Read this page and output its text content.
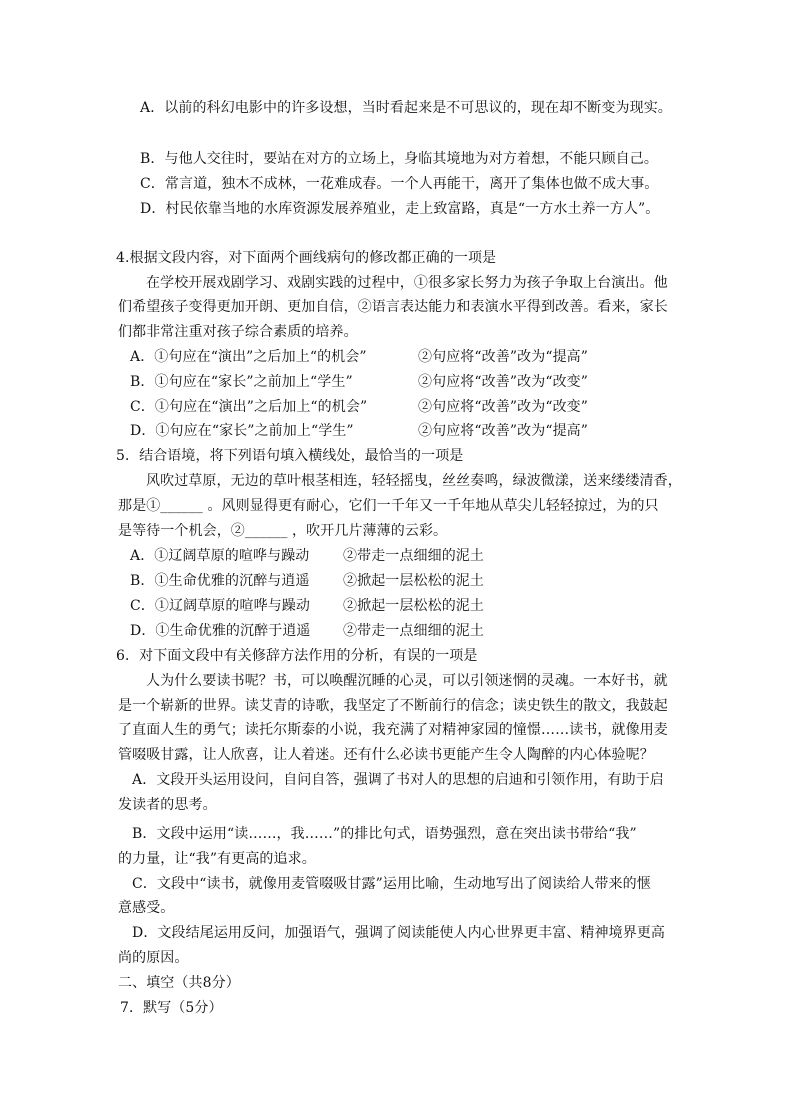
A．以前的科幻电影中的许多设想，当时看起来是不可思议的，现在却不断变为现实。
B．与他人交往时，要站在对方的立场上，身临其境地为对方着想，不能只顾自己。
C．常言道，独木不成林，一花难成春。一个人再能干，离开了集体也做不成大事。
D．村民依靠当地的水库资源发展养殖业，走上致富路，真是“一方水土养一方人”。
4.根据文段内容，对下面两个画线病句的修改都正确的一项是
在学校开展戏剧学习、戏剧实践的过程中，①很多家长努力为孩子争取上台演出。他
们希望孩子变得更加开朗、更加自信，②语言表达能力和表演水平得到改善。看来，家长
们都非常注重对孩子综合素质的培养。
A．①句应在“演出”之后加上“的机会”	②句应将“改善”改为“提高”
B．①句应在“家长”之前加上“学生”	②句应将“改善”改为“改变”
C．①句应在“演出”之后加上“的机会”	②句应将“改善”改为“改变”
D．①句应在“家长”之前加上“学生”	②句应将“改善”改为“提高”
5．结合语境，将下列语句填入横线处，最恰当的一项是
风吹过草原，无边的草叶根茎相连，轻轻摇曳，丝丝奏鸣，绿波微漾，送来缕缕清香，
那是①______ 。风则显得更有耐心，它们一千年又一千年地从草尖儿轻轻掠过，为的只
是等待一个机会，②______ ，吹开几片薄薄的云彩。
A．①辽阔草原的喧哗与躁动 ②带走一点细细的泥土
B．①生命优雅的沉醉与逍遥 ②掀起一层松松的泥土
C．①辽阔草原的喧哗与躁动 ②掀起一层松松的泥土
D．①生命优雅的沉醉于逍遥 ②带走一点细细的泥土
6．对下面文段中有关修辞方法作用的分析，有误的一项是
人为什么要读书呢？书，可以唤醒沉睡的心灵，可以引领迷惘的灵魂。一本好书，就
是一个崭新的世界。读艾青的诗歌，我坚定了不断前行的信念；读史铁生的散文，我鼓起
了直面人生的勇气；读托尔斯泰的小说，我充满了对精神家园的憧憬……读书，就像用麦
管啜吸甘露，让人欣喜，让人着迷。还有什么必读书更能产生令人陶醉的内心体验呢？
A．文段开头运用设问，自问自答，强调了书对人的思想的启迪和引领作用，有助于启
发读者的思考。
B．文段中运用“读……，我……”的排比句式，语势强烈，意在突出读书带给“我”
的力量，让“我”有更高的追求。
C．文段中“读书，就像用麦管啜吸甘露”运用比喻，生动地写出了阅读给人带来的惬
意感受。
D．文段结尾运用反问，加强语气，强调了阅读能使人内心世界更丰富、精神境界更高
尚的原因。
二、填空（共8分）
7．默写（5分）
